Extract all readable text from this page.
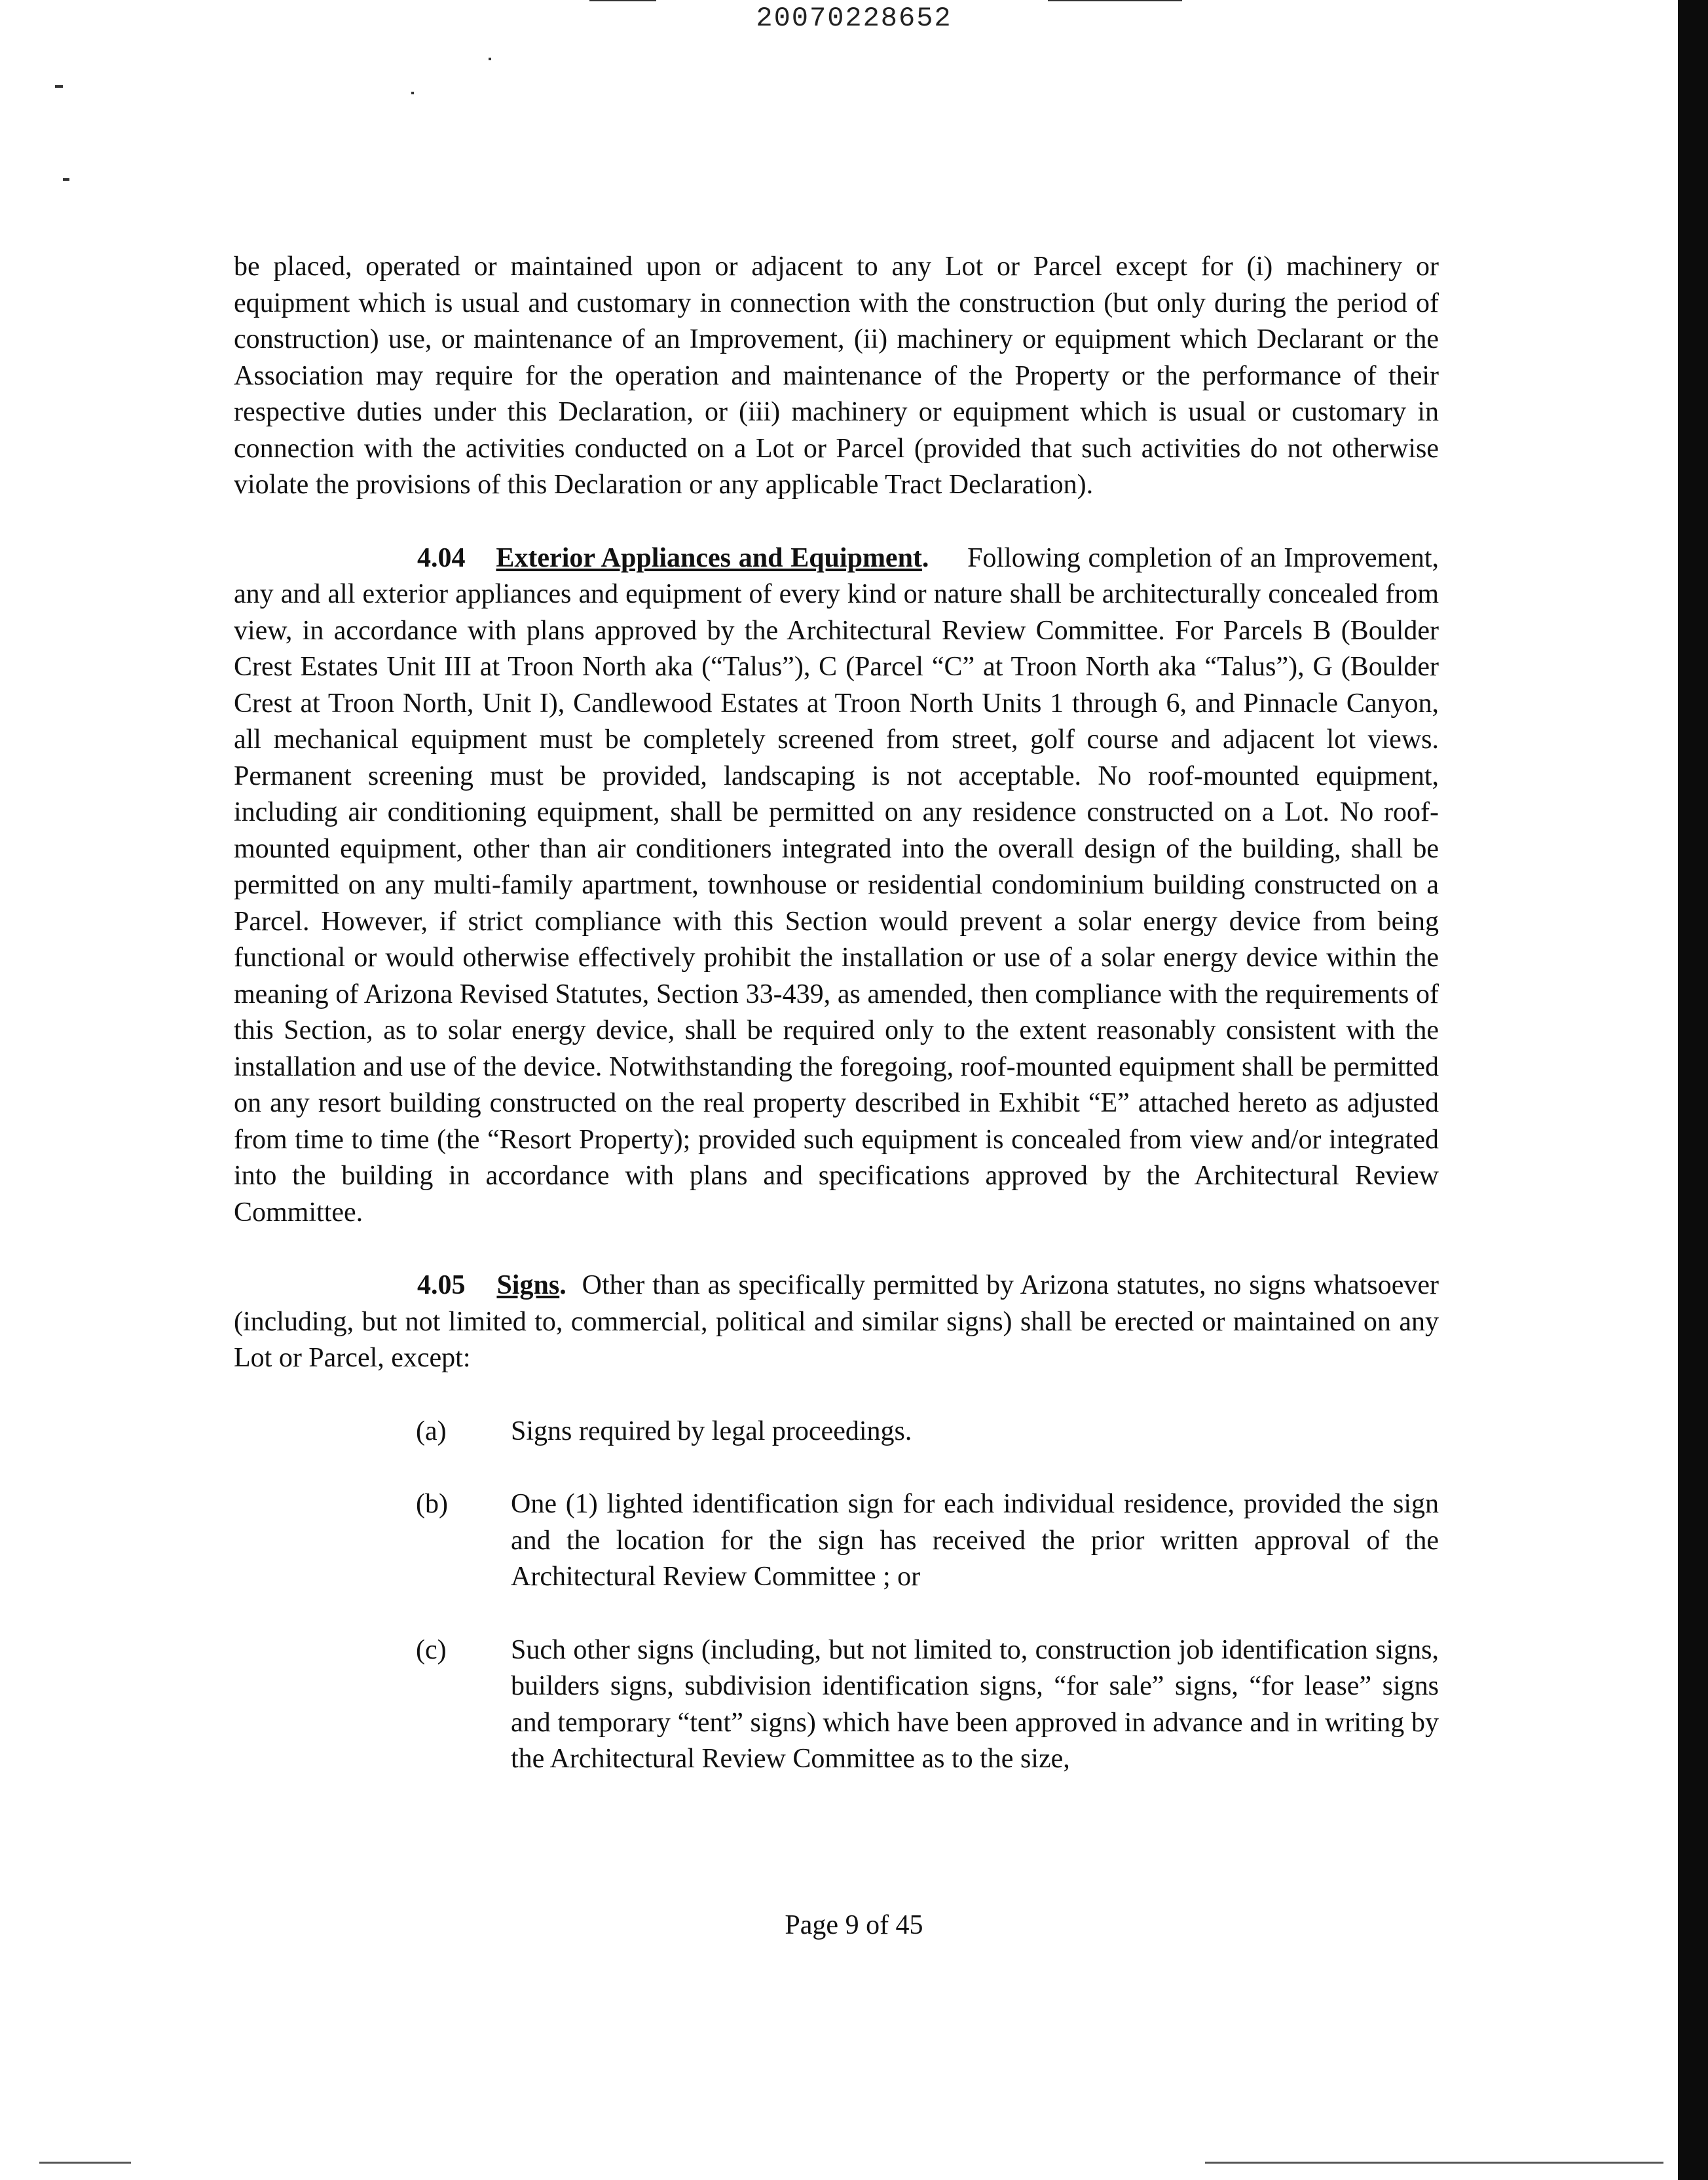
20070228652

be placed, operated or maintained upon or adjacent to any Lot or Parcel except for (i) machinery or equipment which is usual and customary in connection with the construction (but only during the period of construction) use, or maintenance of an Improvement, (ii) machinery or equipment which Declarant or the Association may require for the operation and maintenance of the Property or the performance of their respective duties under this Declaration, or (iii) machinery or equipment which is usual or customary in connection with the activities conducted on a Lot or Parcel (provided that such activities do not otherwise violate the provisions of this Declaration or any applicable Tract Declaration).

4.04 Exterior Appliances and Equipment. Following completion of an Improvement, any and all exterior appliances and equipment of every kind or nature shall be architecturally concealed from view, in accordance with plans approved by the Architectural Review Committee. For Parcels B (Boulder Crest Estates Unit III at Troon North aka (“Talus”), C (Parcel “C” at Troon North aka “Talus”), G (Boulder Crest at Troon North, Unit I), Candlewood Estates at Troon North Units 1 through 6, and Pinnacle Canyon, all mechanical equipment must be completely screened from street, golf course and adjacent lot views. Permanent screening must be provided, landscaping is not acceptable. No roof-mounted equipment, including air conditioning equipment, shall be permitted on any residence constructed on a Lot. No roof-mounted equipment, other than air conditioners integrated into the overall design of the building, shall be permitted on any multi-family apartment, townhouse or residential condominium building constructed on a Parcel. However, if strict compliance with this Section would prevent a solar energy device from being functional or would otherwise effectively prohibit the installation or use of a solar energy device within the meaning of Arizona Revised Statutes, Section 33-439, as amended, then compliance with the requirements of this Section, as to solar energy device, shall be required only to the extent reasonably consistent with the installation and use of the device. Notwithstanding the foregoing, roof-mounted equipment shall be permitted on any resort building constructed on the real property described in Exhibit “E” attached hereto as adjusted from time to time (the “Resort Property); provided such equipment is concealed from view and/or integrated into the building in accordance with plans and specifications approved by the Architectural Review Committee.

4.05 Signs. Other than as specifically permitted by Arizona statutes, no signs whatsoever (including, but not limited to, commercial, political and similar signs) shall be erected or maintained on any Lot or Parcel, except:

(a) Signs required by legal proceedings.

(b) One (1) lighted identification sign for each individual residence, provided the sign and the location for the sign has received the prior written approval of the Architectural Review Committee ; or

(c) Such other signs (including, but not limited to, construction job identification signs, builders signs, subdivision identification signs, “for sale” signs, “for lease” signs and temporary “tent” signs) which have been approved in advance and in writing by the Architectural Review Committee as to the size,

Page 9 of 45
